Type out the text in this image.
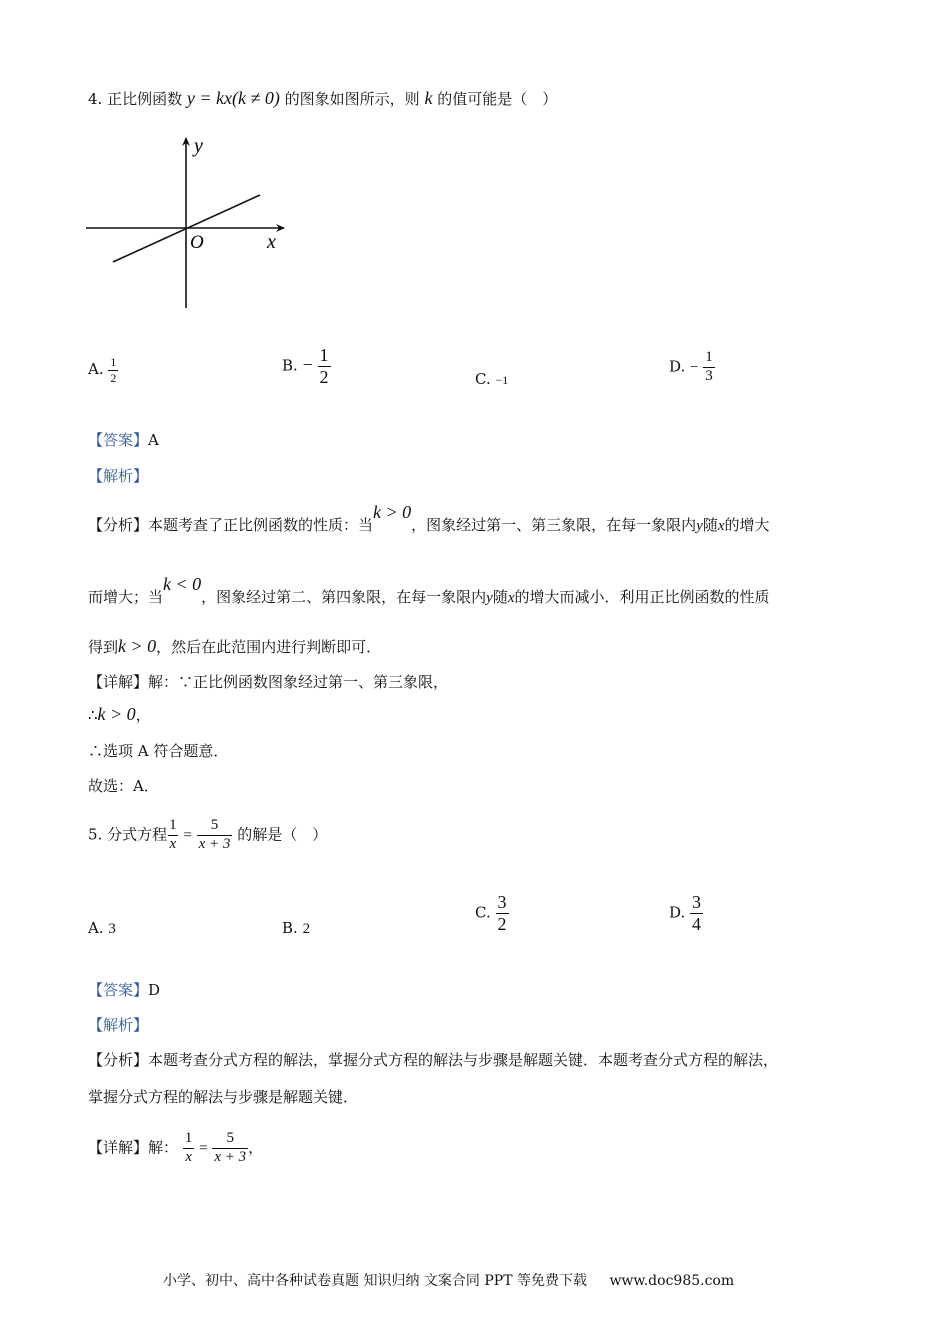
4. 正比例函数 y = kx(k ≠ 0) 的图象如图所示，则 k 的值可能是（　）
y
x
O
A. $\frac{1}{2}$	B. − $\frac{1}{2}$	C. −1
D. − $\frac{1}{3}$
【答案】A
【解析】
【分析】本题考查了正比例函数的性质：当k > 0，图象经过第一、第三象限，在每一象限内y随x的增大
而增大；当k < 0，图象经过第二、第四象限，在每一象限内y随x的增大而减小．利用正比例函数的性质
得到k > 0，然后在此范围内进行判断即可．
【详解】解：∵正比例函数图象经过第一、第三象限，
∴k > 0，
∴选项 A 符合题意．
故选：A．
5. 分式方程 $\frac{1}{x} = \frac{5}{x + 3}$ 的解是（　）
A. 3	B. 2
C. $\frac{3}{2}$	D. $\frac{3}{4}$
【答案】D
【解析】
【分析】本题考查分式方程的解法，掌握分式方程的解法与步骤是解题关键．本题考查分式方程的解法，
掌握分式方程的解法与步骤是解题关键．
【详解】解： $\frac{1}{x} = \frac{5}{x + 3}$ ，
小学、初中、高中各种试卷真题 知识归纳 文案合同 PPT 等免费下载 www.doc985.com
